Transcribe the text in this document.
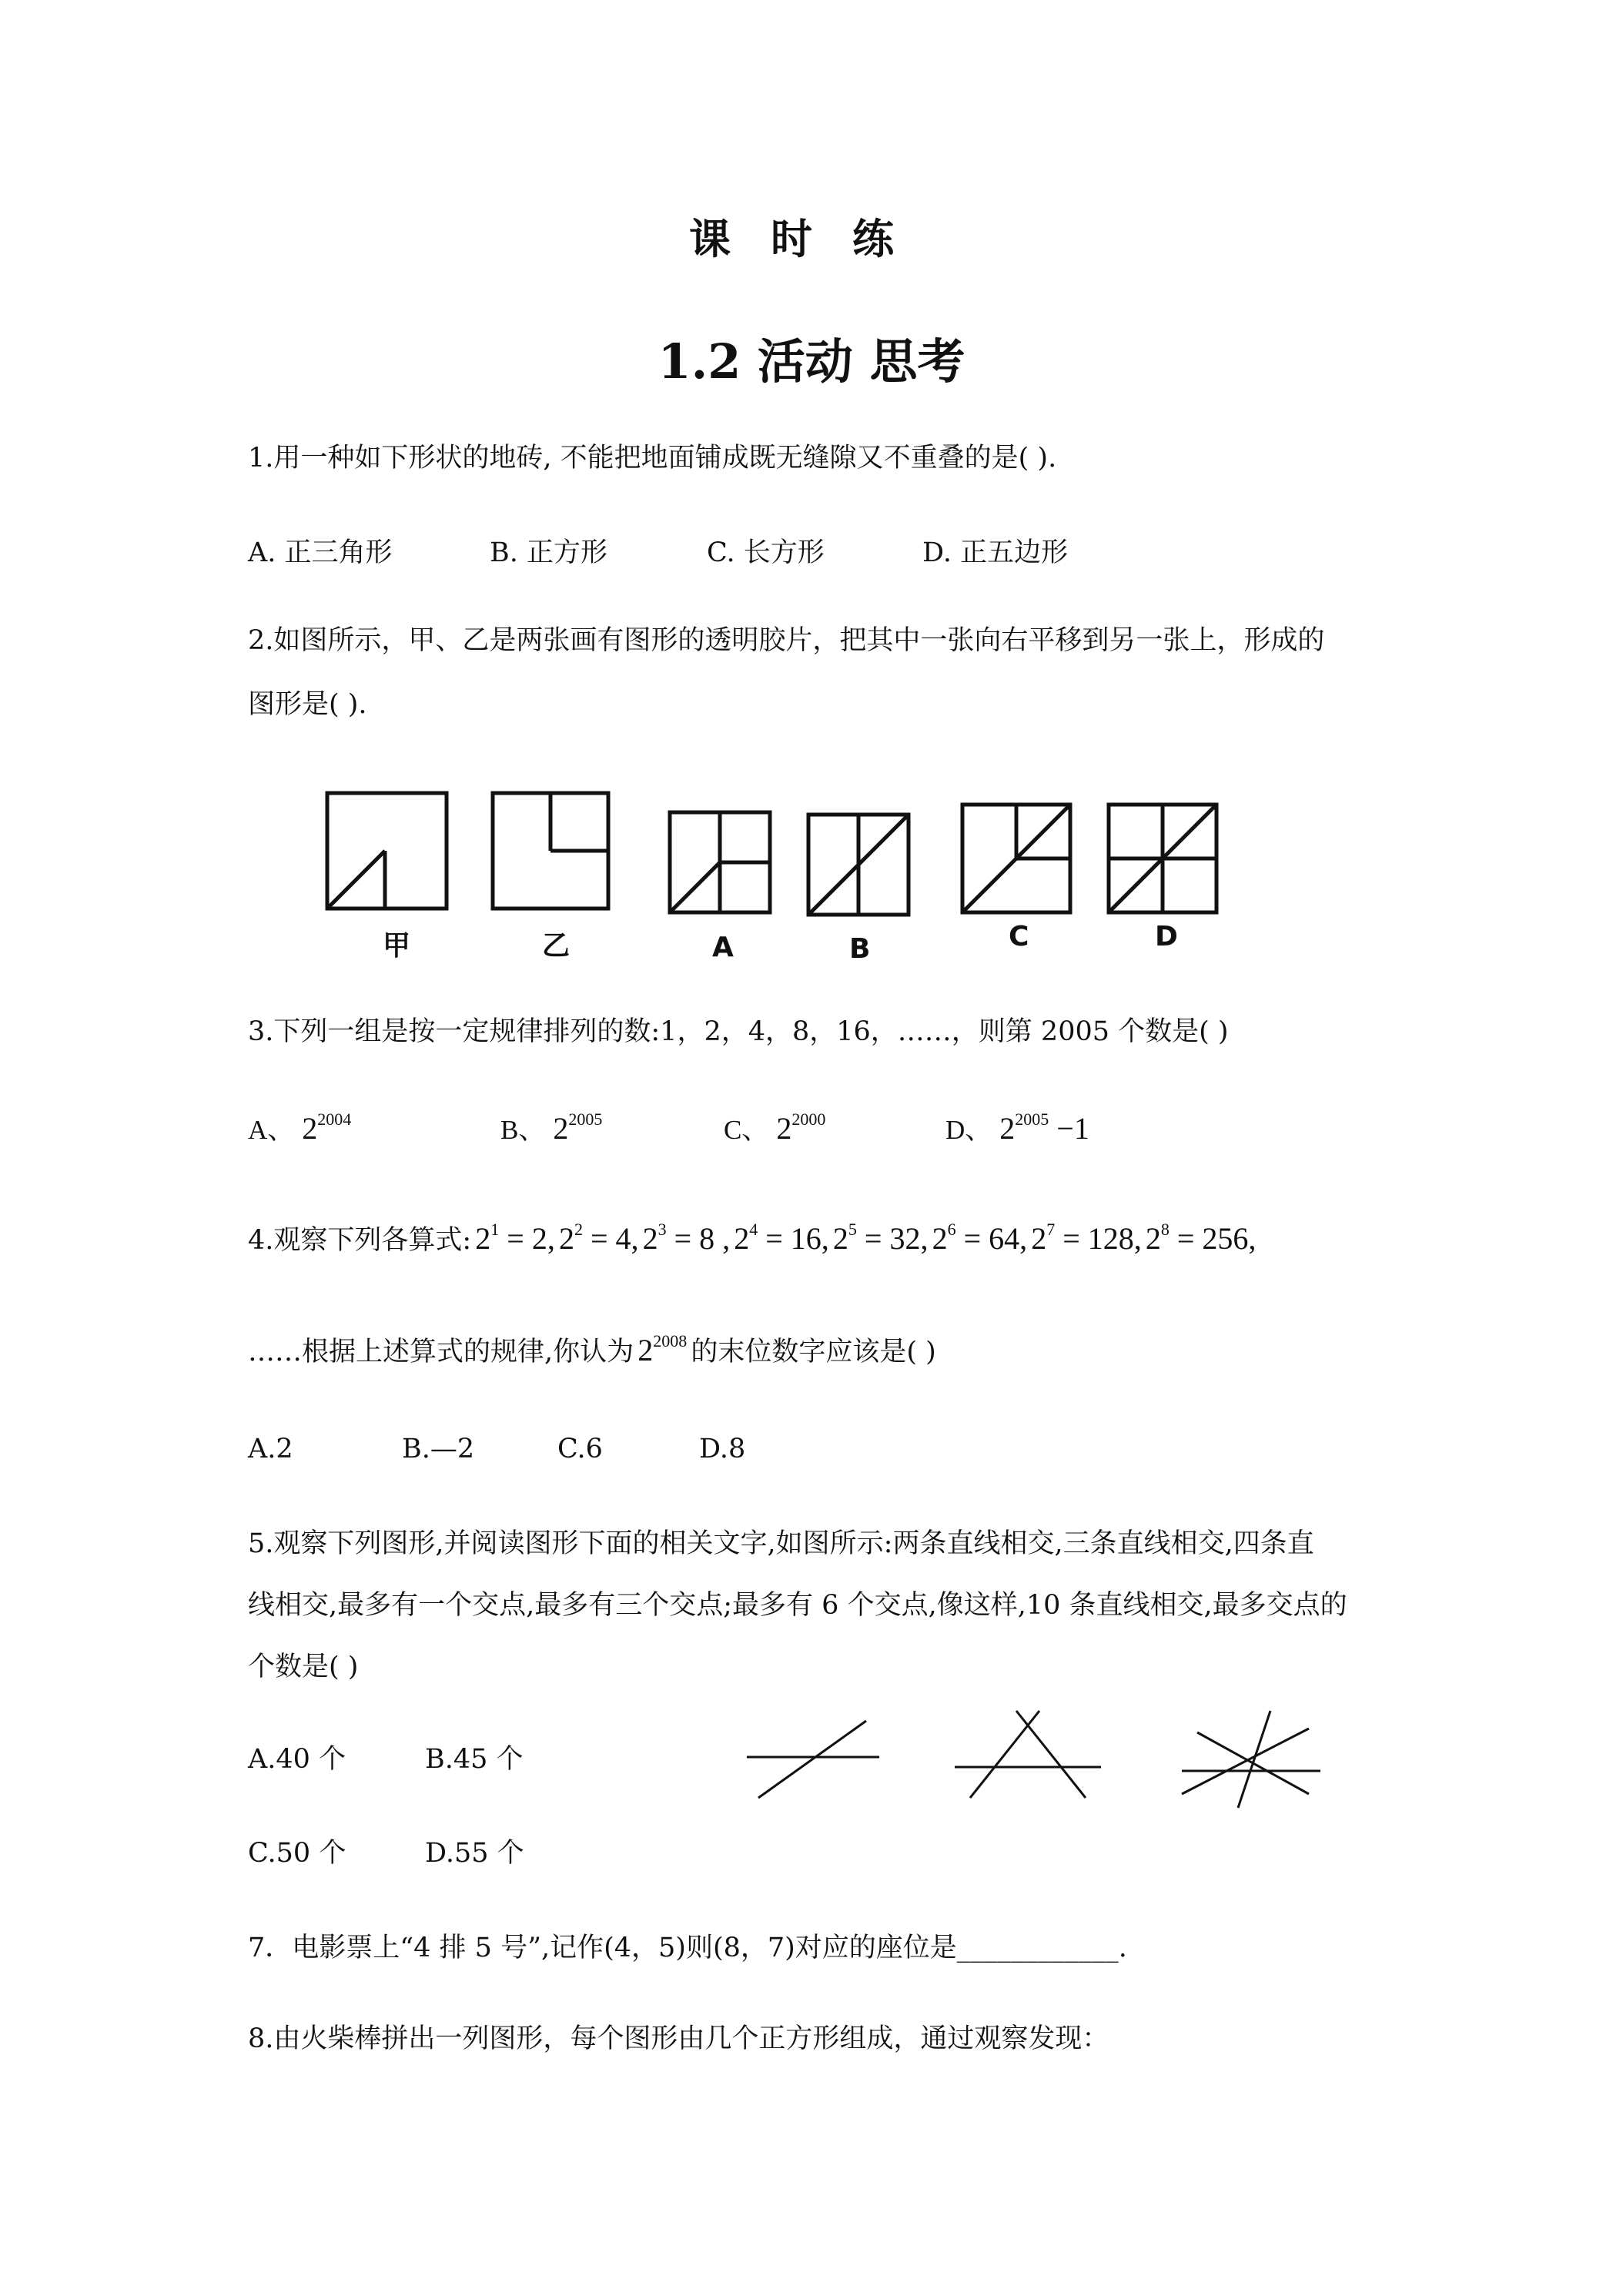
课时练
1.2 活动 思考
1.用一种如下形状的地砖, 不能把地面铺成既无缝隙又不重叠的是( ).
A. 正三角形	B. 正方形	C. 长方形	D. 正五边形
2.如图所示，甲、乙是两张画有图形的透明胶片，把其中一张向右平移到另一张上，形成的
图形是( ).
甲	乙	A	B	C	D
3.下列一组是按一定规律排列的数:1，2，4，8，16，……，则第 2005 个数是( )
A、 $2^{2004}$	B、 $2^{2005}$	C、 $2^{2000}$	D、 $2^{2005} -1$
4.观察下列各算式: $2^1 = 2$, $2^2 = 4$, $2^3 = 8$ , $2^4 = 16$, $2^5 = 32$, $2^6 = 64$, $2^7 = 128$, $2^8 = 256$,
……根据上述算式的规律,你认为 $2^{2008}$ 的末位数字应该是( )
A.2	B.—2	C.6	D.8
5.观察下列图形,并阅读图形下面的相关文字,如图所示:两条直线相交,三条直线相交,四条直
线相交,最多有一个交点,最多有三个交点;最多有 6 个交点,像这样,10 条直线相交,最多交点的
个数是( )
A.40 个	B.45 个
C.50 个	D.55 个
7．电影票上“4 排 5 号”,记作(4，5)则(8，7)对应的座位是____________.
8.由火柴棒拼出一列图形，每个图形由几个正方形组成，通过观察发现：
